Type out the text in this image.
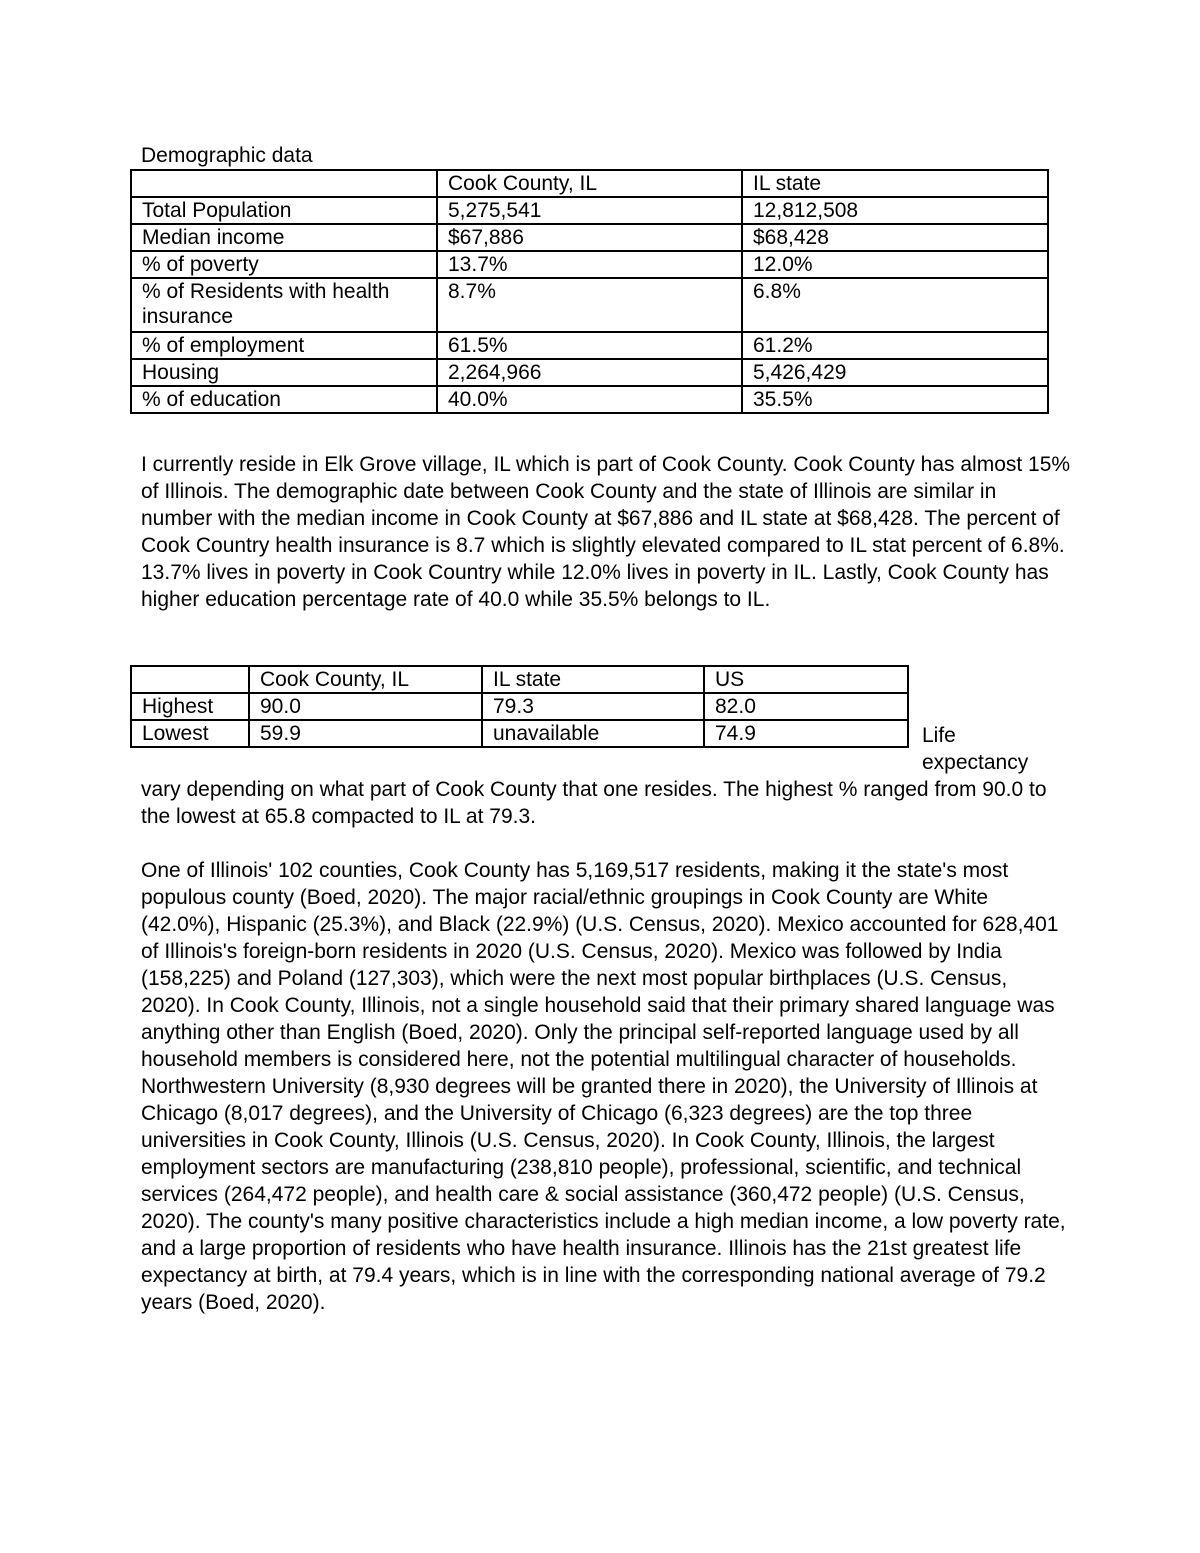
Demographic data
	Cook County, IL	IL state
Total Population	5,275,541	12,812,508
Median income	$67,886	$68,428
% of poverty	13.7%	12.0%
% of Residents with health insurance	8.7%	6.8%
% of employment	61.5%	61.2%
Housing	2,264,966	5,426,429
% of education	40.0%	35.5%

I currently reside in Elk Grove village, IL which is part of Cook County. Cook County has almost 15% of Illinois. The demographic date between Cook County and the state of Illinois are similar in number with the median income in Cook County at $67,886 and IL state at $68,428. The percent of Cook Country health insurance is 8.7 which is slightly elevated compared to IL stat percent of 6.8%. 13.7% lives in poverty in Cook Country while 12.0% lives in poverty in IL. Lastly, Cook County has higher education percentage rate of 40.0 while 35.5% belongs to IL.

	Cook County, IL	IL state	US
Highest	90.0	79.3	82.0
Lowest	59.9	unavailable	74.9	Life expectancy

vary depending on what part of Cook County that one resides. The highest % ranged from 90.0 to the lowest at 65.8 compacted to IL at 79.3.

One of Illinois' 102 counties, Cook County has 5,169,517 residents, making it the state's most populous county (Boed, 2020). The major racial/ethnic groupings in Cook County are White (42.0%), Hispanic (25.3%), and Black (22.9%) (U.S. Census, 2020). Mexico accounted for 628,401 of Illinois's foreign-born residents in 2020 (U.S. Census, 2020). Mexico was followed by India (158,225) and Poland (127,303), which were the next most popular birthplaces (U.S. Census, 2020). In Cook County, Illinois, not a single household said that their primary shared language was anything other than English (Boed, 2020). Only the principal self-reported language used by all household members is considered here, not the potential multilingual character of households. Northwestern University (8,930 degrees will be granted there in 2020), the University of Illinois at Chicago (8,017 degrees), and the University of Chicago (6,323 degrees) are the top three universities in Cook County, Illinois (U.S. Census, 2020). In Cook County, Illinois, the largest employment sectors are manufacturing (238,810 people), professional, scientific, and technical services (264,472 people), and health care & social assistance (360,472 people) (U.S. Census, 2020). The county's many positive characteristics include a high median income, a low poverty rate, and a large proportion of residents who have health insurance. Illinois has the 21st greatest life expectancy at birth, at 79.4 years, which is in line with the corresponding national average of 79.2 years (Boed, 2020).
